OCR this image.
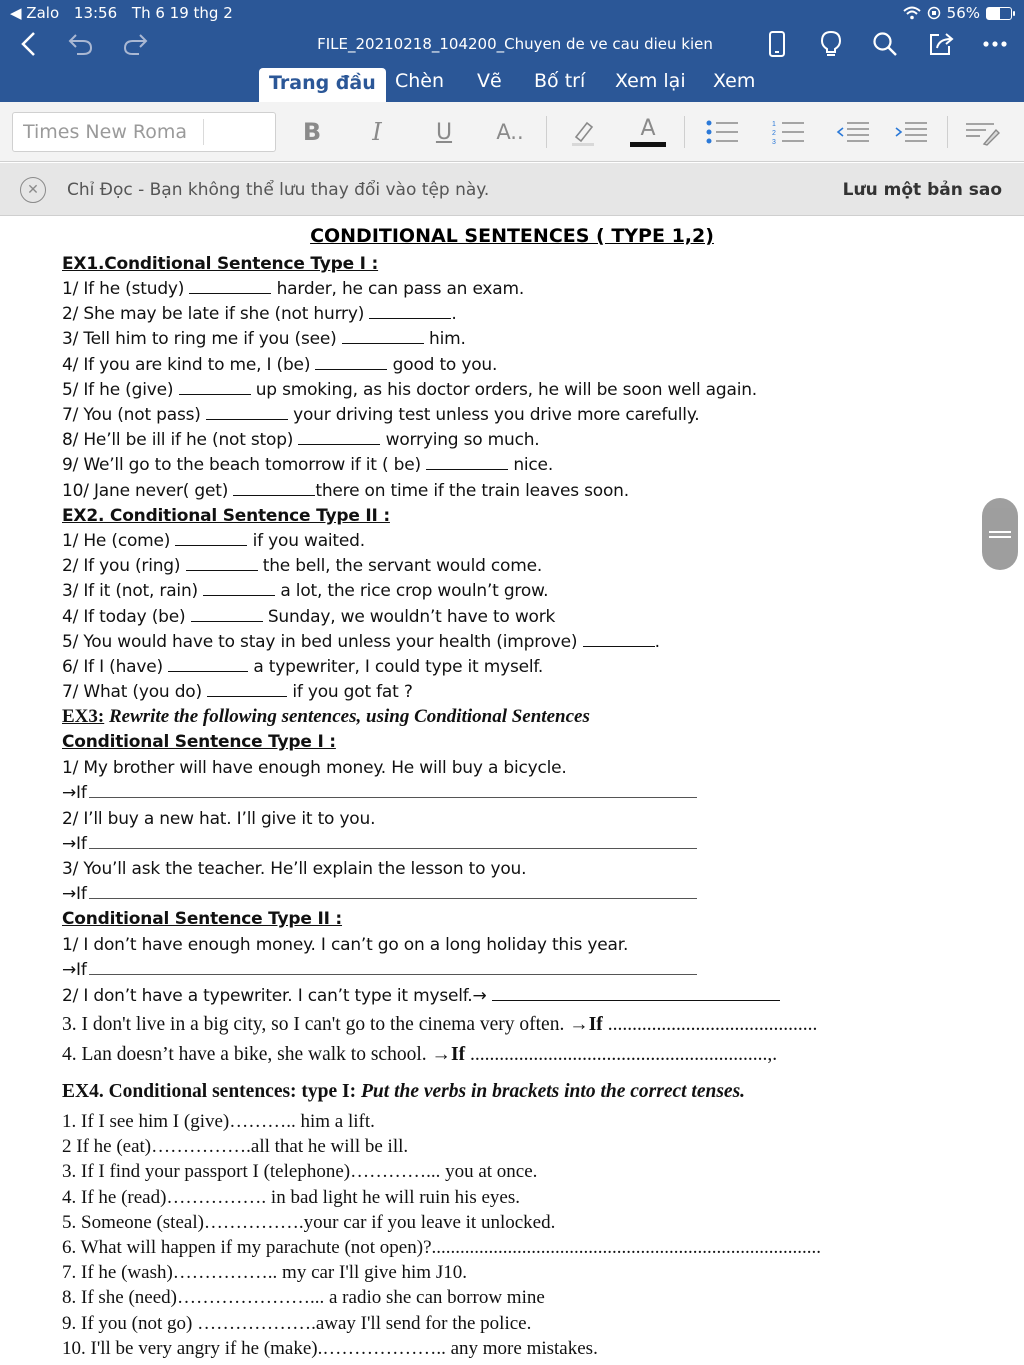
◀ Zalo 13:56 Th 6 19 thg 2	56%
FILE_20210218_104200_Chuyen de ve cau dieu kien
Trang đầu	Chèn Vẽ Bố trí Xem lại Xem
Times New Roma	B	I	U	A..	A	1
2
3
✕	Chỉ Đọc - Bạn không thể lưu thay đổi vào tệp này.	Lưu một bản sao
CONDITIONAL SENTENCES ( TYPE 1,2)
EX1.Conditional Sentence Type I :
1/ If he (study)	harder, he can pass an exam.
2/ She may be late if she (not hurry)	.
3/ Tell him to ring me if you (see)	him.
4/ If you are kind to me, I (be)	good to you.
5/ If he (give)	up smoking, as his doctor orders, he will be soon well again.
7/ You (not pass)	your driving test unless you drive more carefully.
8/ He’ll be ill if he (not stop)	worrying so much.
9/ We’ll go to the beach tomorrow if it ( be)	nice.
10/ Jane never( get)	there on time if the train leaves soon.
EX2. Conditional Sentence Type II :
1/ He (come)	if you waited.
2/ If you (ring)	the bell, the servant would come.
3/ If it (not, rain)	a lot, the rice crop wouln’t grow.
4/ If today (be)	Sunday, we wouldn’t have to work
5/ You would have to stay in bed unless your health (improve)	.
6/ If I (have)	a typewriter, I could type it myself.
7/ What (you do)	if you got fat ?
EX3: Rewrite the following sentences, using Conditional Sentences
Conditional Sentence Type I :
1/ My brother will have enough money. He will buy a bicycle.
→If
2/ I’ll buy a new hat. I’ll give it to you.
→If
3/ You’ll ask the teacher. He’ll explain the lesson to you.
→If
Conditional Sentence Type II :
1/ I don’t have enough money. I can’t go on a long holiday this year.
→If
2/ I don’t have a typewriter. I can’t type it myself.→
3. I don't live in a big city, so I can't go to the cinema very often. →If ...........................................
4. Lan doesn’t have a bike, she walk to school. →If .............................................................,.
EX4. Conditional sentences: type I: Put the verbs in brackets into the correct tenses.
1. If I see him I (give)……….. him a lift.
2 If he (eat)…………….all that he will be ill.
3. If I find your passport I (telephone)…………... you at once.
4. If he (read)……………. in bad light he will ruin his eyes.
5. Someone (steal)…………….your car if you leave it unlocked.
6. What will happen if my parachute (not open)?..................................................................................
7. If he (wash)…………….. my car I'll give him J10.
8. If she (need)…………………... a radio she can borrow mine
9. If you (not go) ……………….away I'll send for the police.
10. I'll be very angry if he (make).……………….. any more mistakes.
